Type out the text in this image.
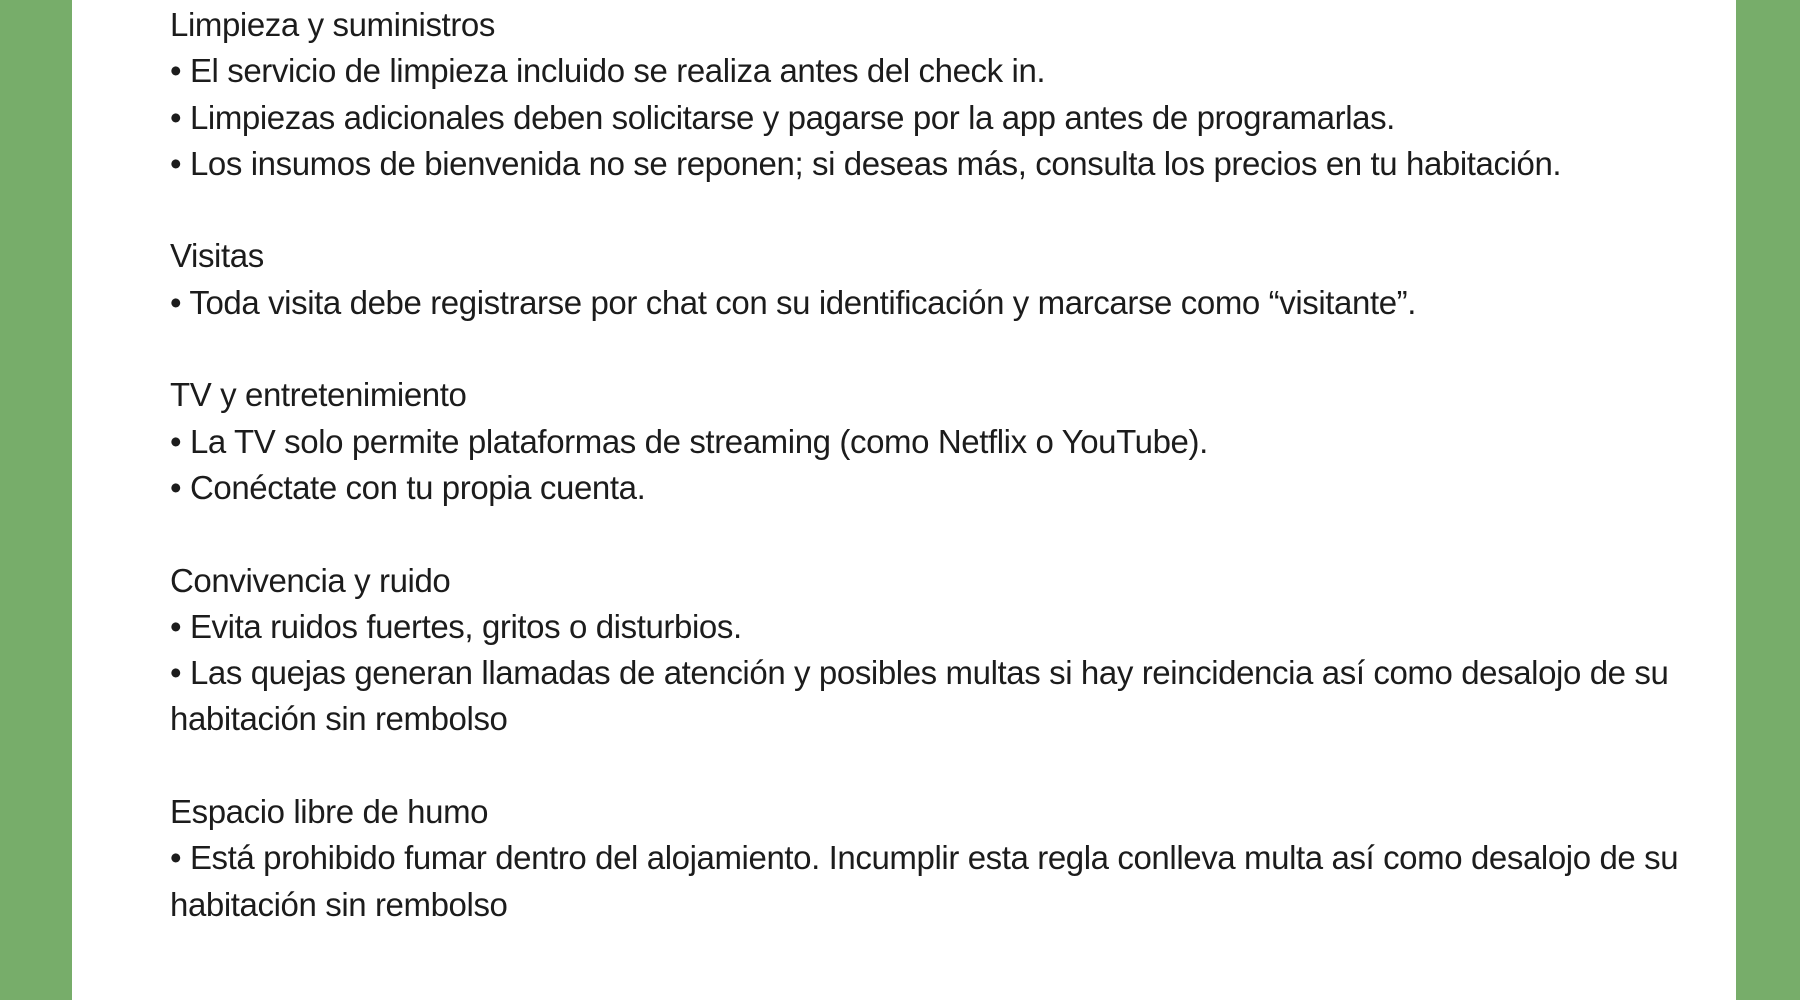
Limpieza y suministros
• El servicio de limpieza incluido se realiza antes del check in.
• Limpiezas adicionales deben solicitarse y pagarse por la app antes de programarlas.
• Los insumos de bienvenida no se reponen; si deseas más, consulta los precios en tu habitación.
Visitas
• Toda visita debe registrarse por chat con su identificación y marcarse como “visitante”.
TV y entretenimiento
• La TV solo permite plataformas de streaming (como Netflix o YouTube).
• Conéctate con tu propia cuenta.
Convivencia y ruido
• Evita ruidos fuertes, gritos o disturbios.
• Las quejas generan llamadas de atención y posibles multas si hay reincidencia así como desalojo de su habitación sin rembolso
Espacio libre de humo
• Está prohibido fumar dentro del alojamiento. Incumplir esta regla conlleva multa así como desalojo de su habitación sin rembolso
